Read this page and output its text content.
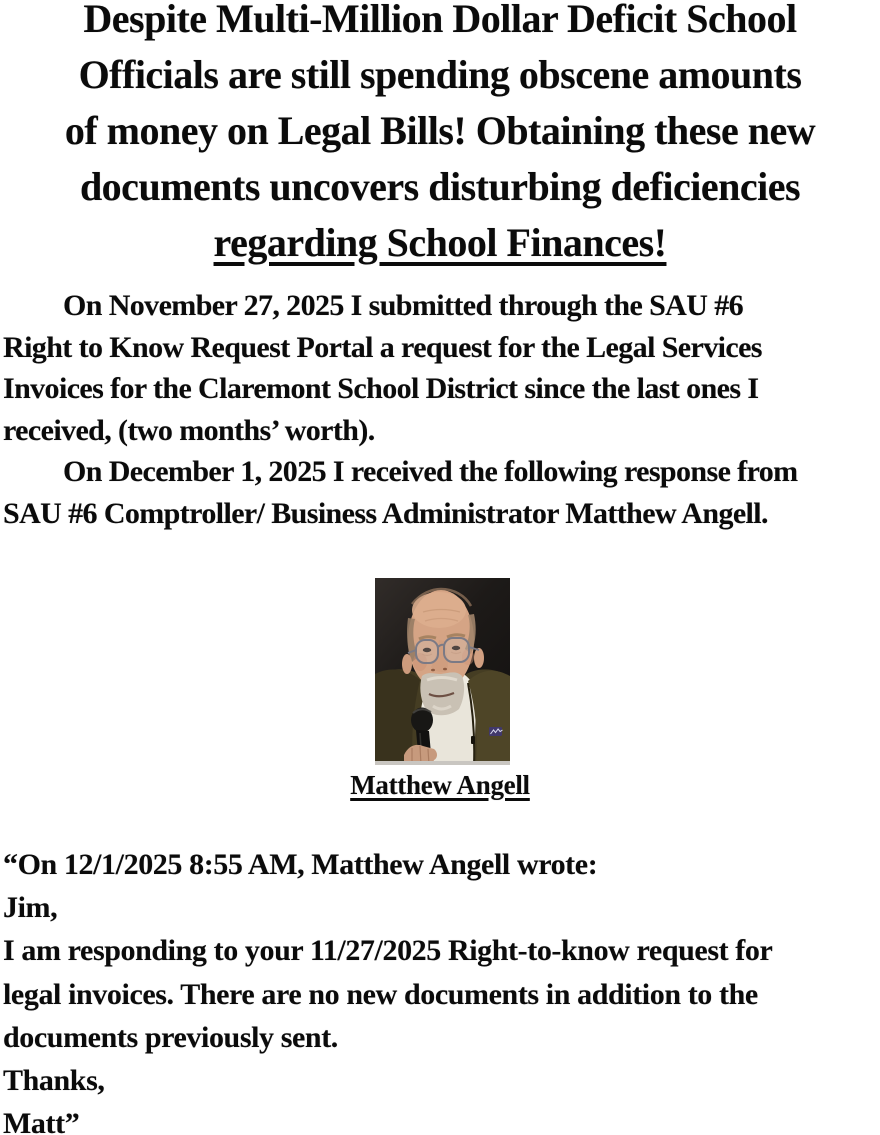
Despite Multi-Million Dollar Deficit School
Officials are still spending obscene amounts
of money on Legal Bills! Obtaining these new
documents uncovers disturbing deficiencies
regarding School Finances!
On November 27, 2025 I submitted through the SAU #6
Right to Know Request Portal a request for the Legal Services
Invoices for the Claremont School District since the last ones I
received, (two months’ worth).
On December 1, 2025 I received the following response from
SAU #6 Comptroller/ Business Administrator Matthew Angell.
Matthew Angell
“On 12/1/2025 8:55 AM, Matthew Angell wrote:
Jim,
I am responding to your 11/27/2025 Right-to-know request for
legal invoices. There are no new documents in addition to the
documents previously sent.
Thanks,
Matt”
